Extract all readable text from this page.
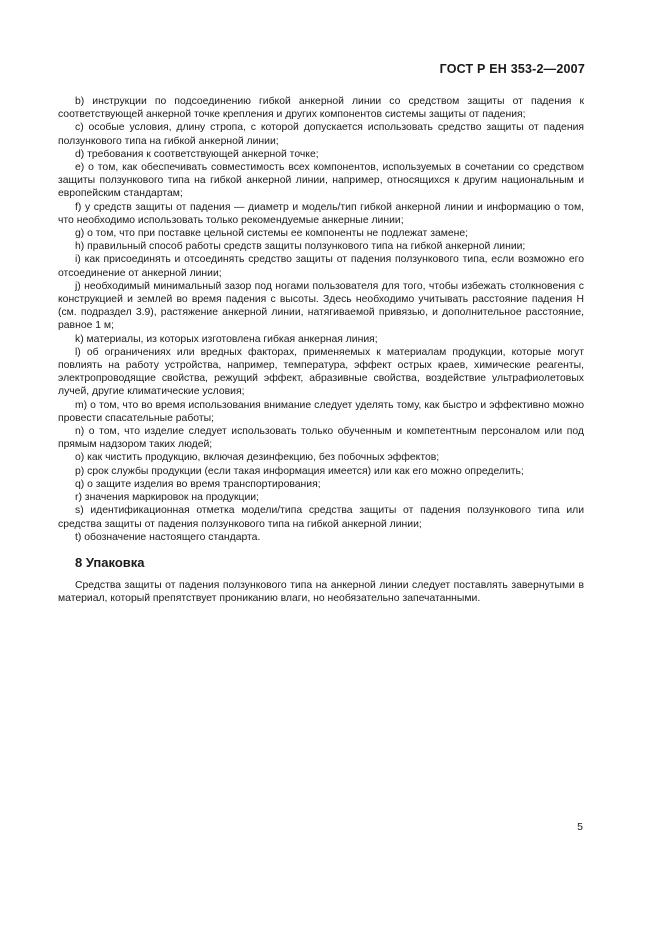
ГОСТ Р ЕН 353-2—2007

b) инструкции по подсоединению гибкой анкерной линии со средством защиты от падения к соответствующей анкерной точке крепления и других компонентов системы защиты от падения;

c) особые условия, длину стропа, с которой допускается использовать средство защиты от падения ползункового типа на гибкой анкерной линии;

d) требования к соответствующей анкерной точке;

e) о том, как обеспечивать совместимость всех компонентов, используемых в сочетании со средством защиты ползункового типа на гибкой анкерной линии, например, относящихся к другим национальным и европейским стандартам;

f) у средств защиты от падения — диаметр и модель/тип гибкой анкерной линии и информацию о том, что необходимо использовать только рекомендуемые анкерные линии;

g) о том, что при поставке цельной системы ее компоненты не подлежат замене;

h) правильный способ работы средств защиты ползункового типа на гибкой анкерной линии;

i) как присоединять и отсоединять средство защиты от падения ползункового типа, если возможно его отсоединение от анкерной линии;

j) необходимый минимальный зазор под ногами пользователя для того, чтобы избежать столкновения с конструкцией и землей во время падения с высоты. Здесь необходимо учитывать расстояние падения H (см. подраздел 3.9), растяжение анкерной линии, натягиваемой привязью, и дополнительное расстояние, равное 1 м;

k) материалы, из которых изготовлена гибкая анкерная линия;

l) об ограничениях или вредных факторах, применяемых к материалам продукции, которые могут повлиять на работу устройства, например, температура, эффект острых краев, химические реагенты, электропроводящие свойства, режущий эффект, абразивные свойства, воздействие ультрафиолетовых лучей, другие климатические условия;

m) о том, что во время использования внимание следует уделять тому, как быстро и эффективно можно провести спасательные работы;

n) о том, что изделие следует использовать только обученным и компетентным персоналом или под прямым надзором таких людей;

o) как чистить продукцию, включая дезинфекцию, без побочных эффектов;

p) срок службы продукции (если такая информация имеется) или как его можно определить;

q) о защите изделия во время транспортирования;

r) значения маркировок на продукции;

s) идентификационная отметка модели/типа средства защиты от падения ползункового типа или средства защиты от падения ползункового типа на гибкой анкерной линии;

t) обозначение настоящего стандарта.

8 Упаковка

Средства защиты от падения ползункового типа на анкерной линии следует поставлять завернутыми в материал, который препятствует проникaнию влаги, но необязательно запечатанными.

5
